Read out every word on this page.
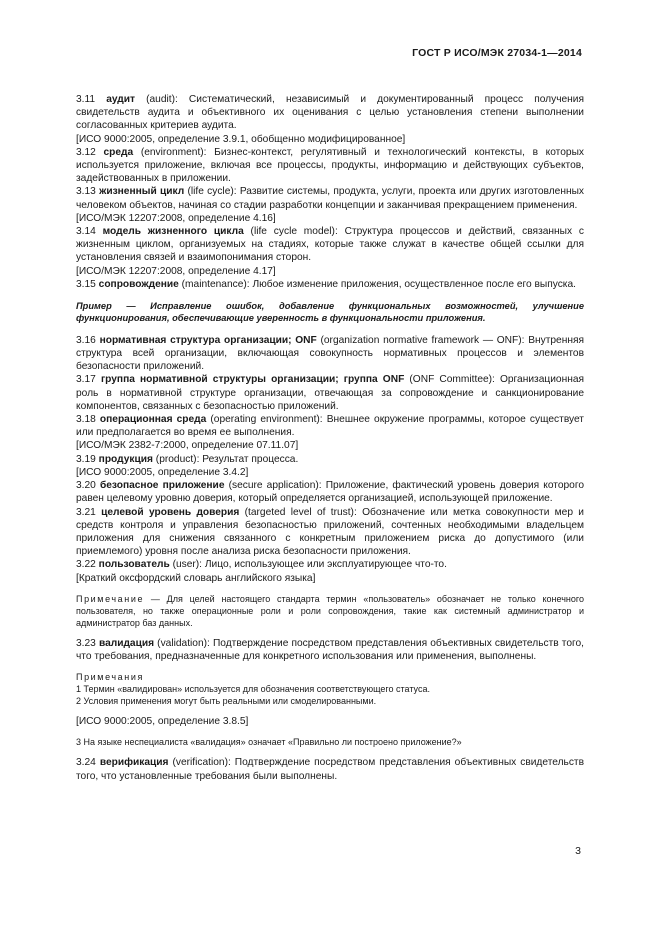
ГОСТ Р ИСО/МЭК 27034-1—2014

3.11 аудит (audit): Систематический, независимый и документированный процесс получения свидетельств аудита и объективного их оценивания с целью установления степени выполнении согласованных критериев аудита.

[ИСО 9000:2005, определение 3.9.1, обобщенно модифицированное]

3.12 среда (environment): Бизнес-контекст, регулятивный и технологический контексты, в которых используется приложение, включая все процессы, продукты, информацию и действующих субъектов, задействованных в приложении.

3.13 жизненный цикл (life cycle): Развитие системы, продукта, услуги, проекта или других изготовленных человеком объектов, начиная со стадии разработки концепции и заканчивая прекращением применения.

[ИСО/МЭК 12207:2008, определение 4.16]

3.14 модель жизненного цикла (life cycle model): Структура процессов и действий, связанных с жизненным циклом, организуемых на стадиях, которые также служат в качестве общей ссылки для установления связей и взаимопонимания сторон.

[ИСО/МЭК 12207:2008, определение 4.17]

3.15 сопровождение (maintenance): Любое изменение приложения, осуществленное после его выпуска.

Пример — Исправление ошибок, добавление функциональных возможностей, улучшение функционирования, обеспечивающие уверенность в функциональности приложения.

3.16 нормативная структура организации; ONF (organization normative framework — ONF): Внутренняя структура всей организации, включающая совокупность нормативных процессов и элементов безопасности приложений.

3.17 группа нормативной структуры организации; группа ONF (ONF Committee): Организационная роль в нормативной структуре организации, отвечающая за сопровождение и санкционирование компонентов, связанных с безопасностью приложений.

3.18 операционная среда (operating environment): Внешнее окружение программы, которое существует или предполагается во время ее выполнения.

[ИСО/МЭК 2382-7:2000, определение 07.11.07]

3.19 продукция (product): Результат процесса.

[ИСО 9000:2005, определение 3.4.2]

3.20 безопасное приложение (secure application): Приложение, фактический уровень доверия которого равен целевому уровню доверия, который определяется организацией, использующей приложение.

3.21 целевой уровень доверия (targeted level of trust): Обозначение или метка совокупности мер и средств контроля и управления безопасностью приложений, сочтенных необходимыми владельцем приложения для снижения связанного с конкретным приложением риска до допустимого (или приемлемого) уровня после анализа риска безопасности приложения.

3.22 пользователь (user): Лицо, использующее или эксплуатирующее что-то.

[Краткий оксфордский словарь английского языка]

Примечание — Для целей настоящего стандарта термин «пользователь» обозначает не только конечного пользователя, но также операционные роли и роли сопровождения, такие как системный администратор и администратор баз данных.

3.23 валидация (validation): Подтверждение посредством представления объективных свидетельств того, что требования, предназначенные для конкретного использования или применения, выполнены.

Примечания
1 Термин «валидирован» используется для обозначения соответствующего статуса.
2 Условия применения могут быть реальными или смоделированными.

[ИСО 9000:2005, определение 3.8.5]

3 На языке неспециалиста «валидация» означает «Правильно ли построено приложение?»

3.24 верификация (verification): Подтверждение посредством представления объективных свидетельств того, что установленные требования были выполнены.

3
